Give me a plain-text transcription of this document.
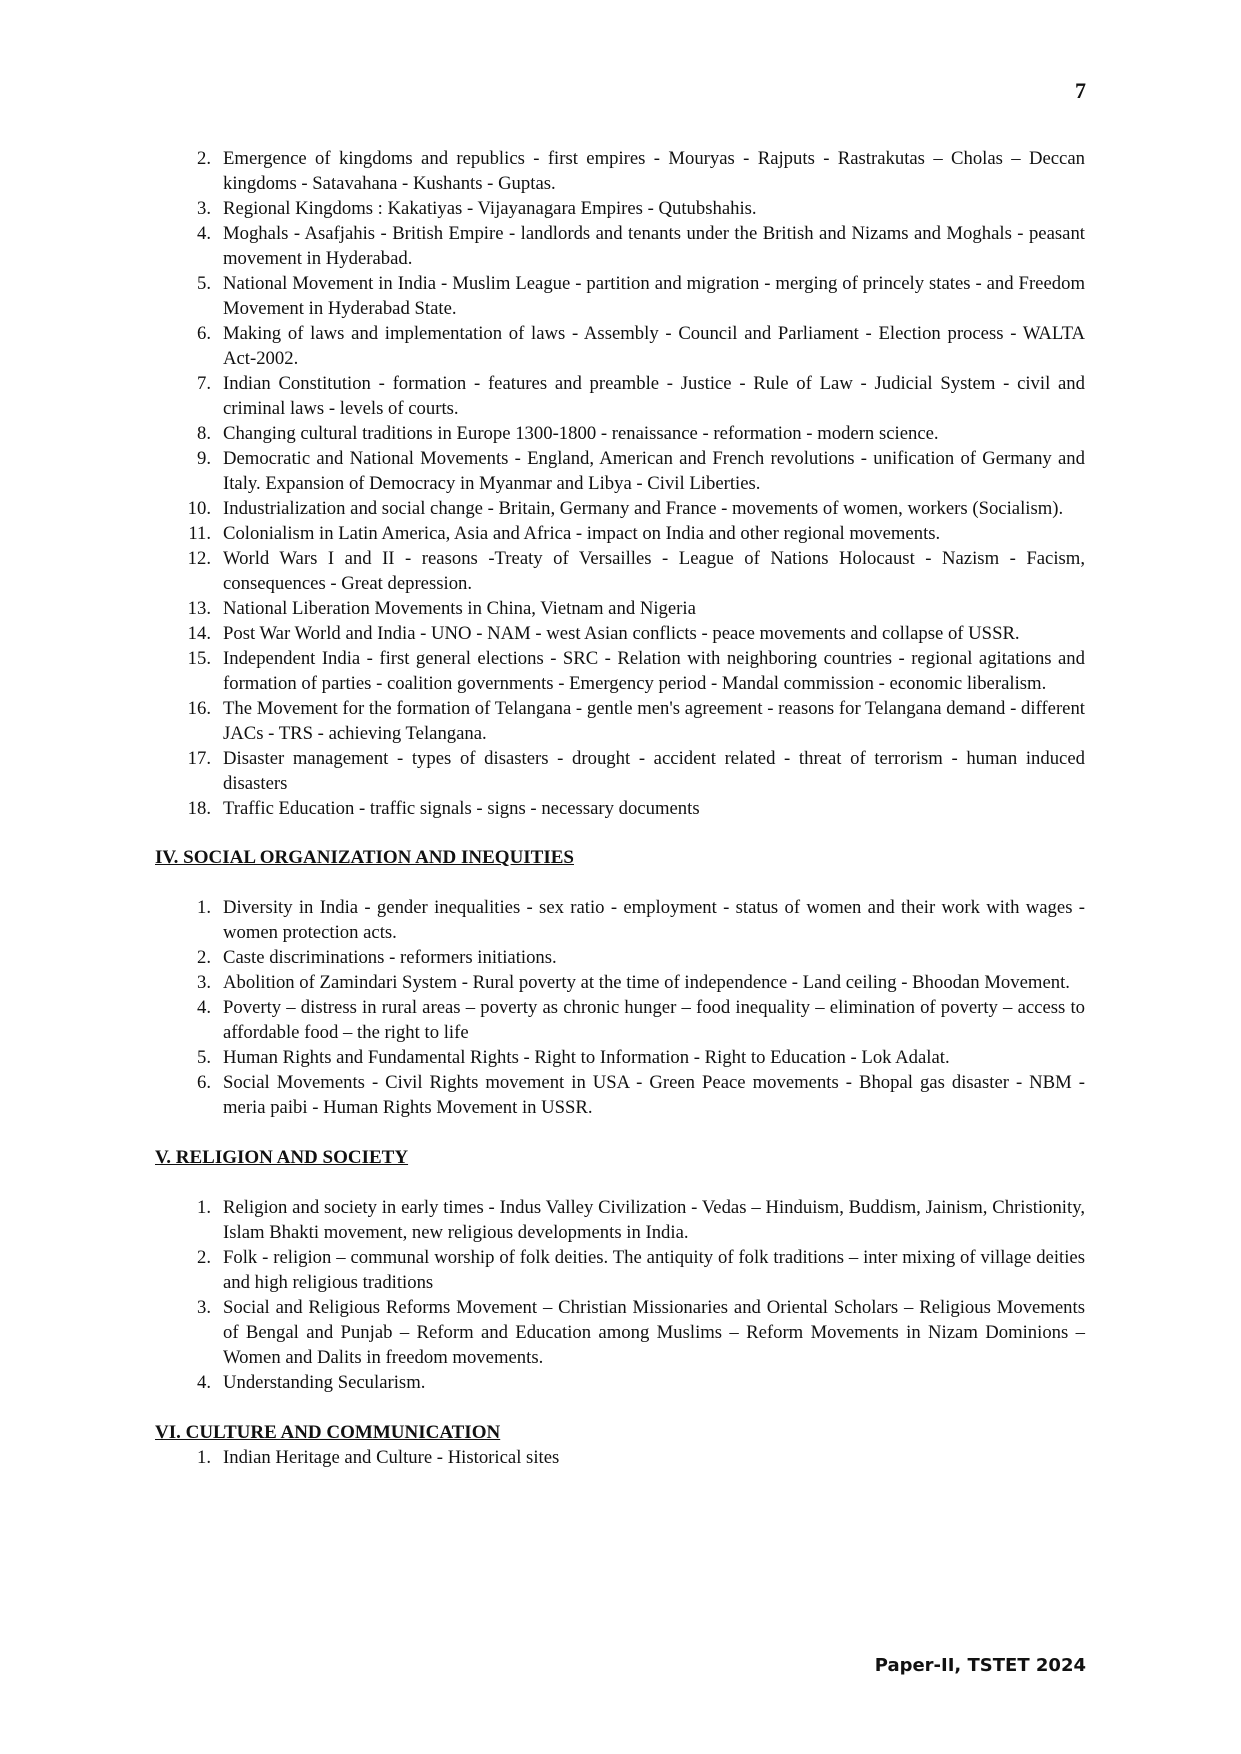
7
2. Emergence of kingdoms and republics - first empires - Mouryas - Rajputs - Rastrakutas – Cholas – Deccan kingdoms - Satavahana - Kushants - Guptas.
3. Regional Kingdoms : Kakatiyas - Vijayanagara Empires - Qutubshahis.
4. Moghals - Asafjahis - British Empire - landlords and tenants under the British and Nizams and Moghals - peasant movement in Hyderabad.
5. National Movement in India - Muslim League - partition and migration - merging of princely states - and Freedom Movement in Hyderabad State.
6. Making of laws and implementation of laws - Assembly - Council and Parliament - Election process - WALTA Act-2002.
7. Indian Constitution - formation - features and preamble - Justice - Rule of Law - Judicial System - civil and criminal laws - levels of courts.
8. Changing cultural traditions in Europe 1300-1800 - renaissance - reformation - modern science.
9. Democratic and National Movements - England, American and French revolutions - unification of Germany and Italy. Expansion of Democracy in Myanmar and Libya - Civil Liberties.
10. Industrialization and social change - Britain, Germany and France - movements of women, workers (Socialism).
11. Colonialism in Latin America, Asia and Africa - impact on India and other regional movements.
12. World Wars I and II - reasons -Treaty of Versailles - League of Nations Holocaust - Nazism - Facism, consequences - Great depression.
13. National Liberation Movements in China, Vietnam and Nigeria
14. Post War World and India - UNO - NAM - west Asian conflicts - peace movements and collapse of USSR.
15. Independent India - first general elections - SRC - Relation with neighboring countries - regional agitations and formation of parties - coalition governments - Emergency period - Mandal commission - economic liberalism.
16. The Movement for the formation of Telangana - gentle men's agreement - reasons for Telangana demand - different JACs - TRS - achieving Telangana.
17. Disaster management - types of disasters - drought - accident related - threat of terrorism - human induced disasters
18. Traffic Education - traffic signals - signs - necessary documents
IV. SOCIAL ORGANIZATION AND INEQUITIES
1. Diversity in India - gender inequalities - sex ratio - employment - status of women and their work with wages - women protection acts.
2. Caste discriminations - reformers initiations.
3. Abolition of Zamindari System - Rural poverty at the time of independence - Land ceiling - Bhoodan Movement.
4. Poverty – distress in rural areas – poverty as chronic hunger – food inequality – elimination of poverty – access to affordable food – the right to life
5. Human Rights and Fundamental Rights - Right to Information - Right to Education - Lok Adalat.
6. Social Movements - Civil Rights movement in USA - Green Peace movements - Bhopal gas disaster - NBM - meria paibi - Human Rights Movement in USSR.
V. RELIGION AND SOCIETY
1. Religion and society in early times - Indus Valley Civilization - Vedas – Hinduism, Buddism, Jainism, Christionity, Islam Bhakti movement, new religious developments in India.
2. Folk - religion – communal worship of folk deities. The antiquity of folk traditions – inter mixing of village deities and high religious traditions
3. Social and Religious Reforms Movement – Christian Missionaries and Oriental Scholars – Religious Movements of Bengal and Punjab – Reform and Education among Muslims – Reform Movements in Nizam Dominions – Women and Dalits in freedom movements.
4. Understanding Secularism.
VI. CULTURE AND COMMUNICATION
1. Indian Heritage and Culture - Historical sites
Paper-II, TSTET 2024
